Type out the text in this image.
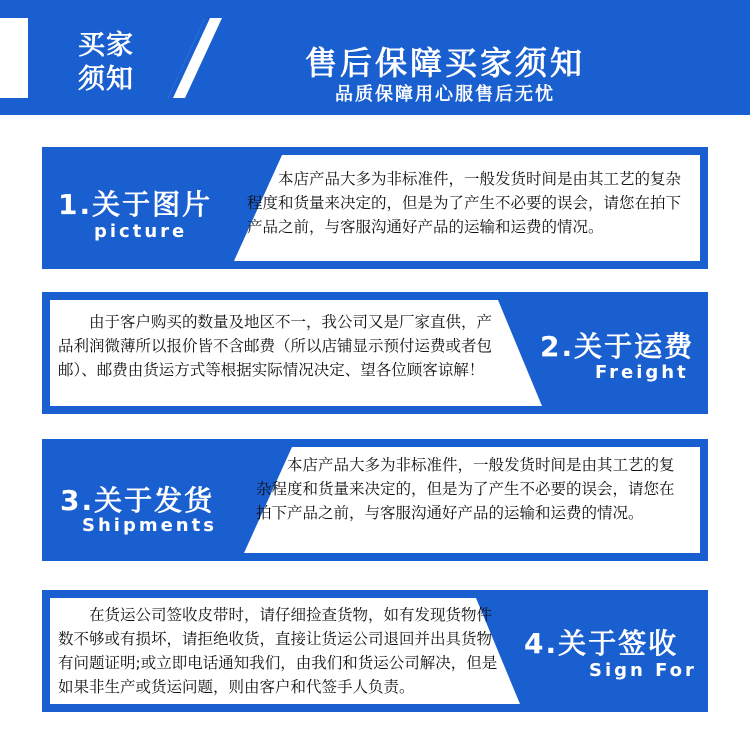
买家
须知	售后保障买家须知
品质保障用心服售后无忧
1.关于图片
picture
本店产品大多为非标准件，一般发货时间是由其工艺的复杂程度和货量来决定的，但是为了产生不必要的误会，请您在拍下产品之前，与客服沟通好产品的运输和运费的情况。
由于客户购买的数量及地区不一，我公司又是厂家直供，产品利润微薄所以报价皆不含邮费（所以店铺显示预付运费或者包邮）、邮费由货运方式等根据实际情况决定、望各位顾客谅解！
2.关于运费
Freight
3.关于发货
Shipments
本店产品大多为非标准件，一般发货时间是由其工艺的复杂程度和货量来决定的，但是为了产生不必要的误会，请您在拍下产品之前，与客服沟通好产品的运输和运费的情况。
在货运公司签收皮带时，请仔细捡查货物，如有发现货物件数不够或有损坏，请拒绝收货，直接让货运公司退回并出具货物有问题证明;或立即电话通知我们，由我们和货运公司解决，但是如果非生产或货运问题，则由客户和代签手人负责。
4.关于签收
Sign For
